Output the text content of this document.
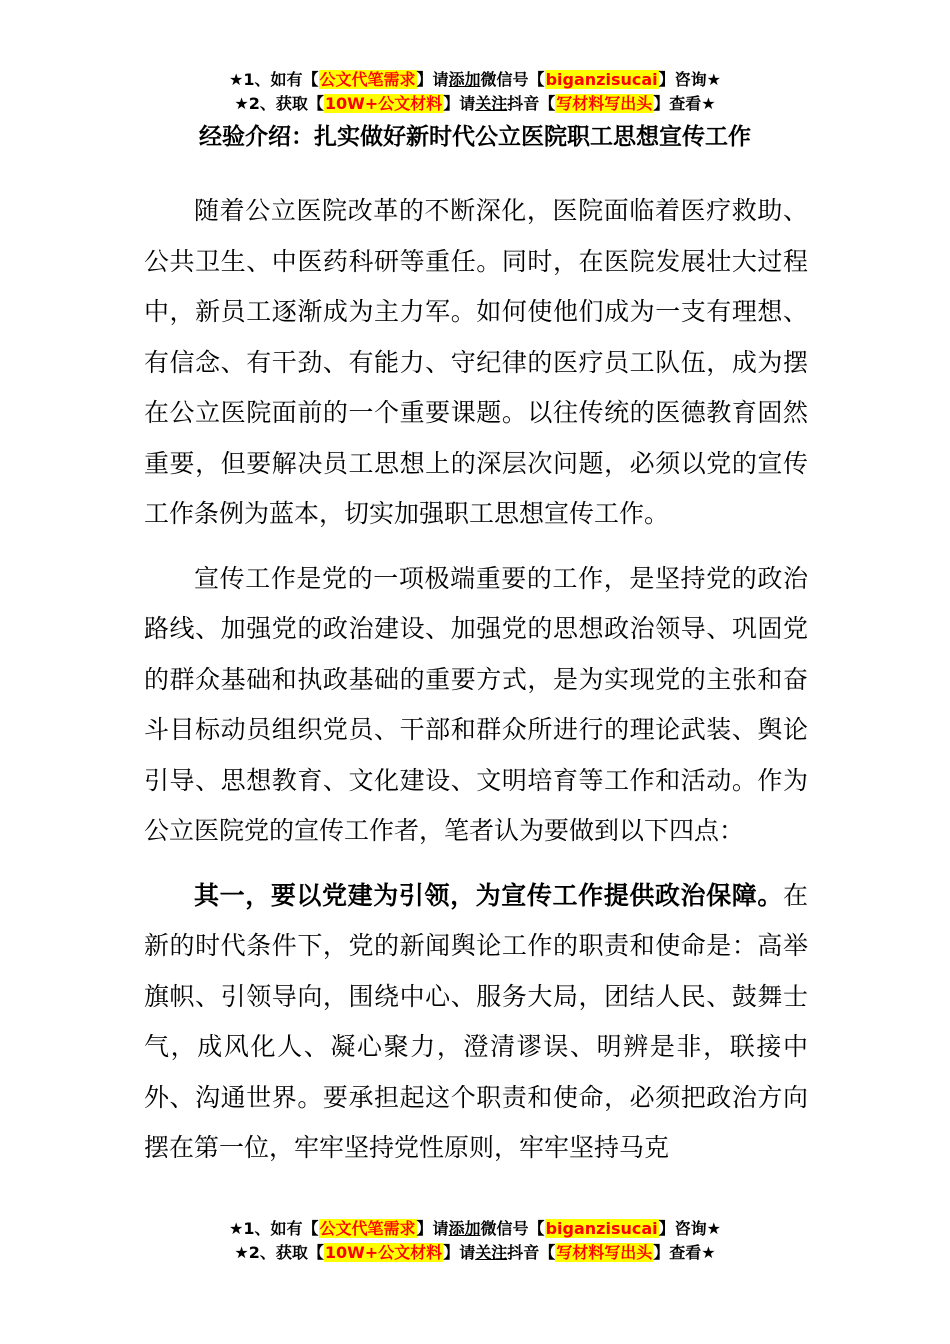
★1、如有【公文代笔需求】请添加微信号【biganzisucai】咨询★
★2、获取【10W+公文材料】请关注抖音【写材料写出头】查看★
经验介绍：扎实做好新时代公立医院职工思想宣传工作

随着公立医院改革的不断深化，医院面临着医疗救助、公共卫生、中医药科研等重任。同时，在医院发展壮大过程中，新员工逐渐成为主力军。如何使他们成为一支有理想、有信念、有干劲、有能力、守纪律的医疗员工队伍，成为摆在公立医院面前的一个重要课题。以往传统的医德教育固然重要，但要解决员工思想上的深层次问题，必须以党的宣传工作条例为蓝本，切实加强职工思想宣传工作。

宣传工作是党的一项极端重要的工作，是坚持党的政治路线、加强党的政治建设、加强党的思想政治领导、巩固党的群众基础和执政基础的重要方式，是为实现党的主张和奋斗目标动员组织党员、干部和群众所进行的理论武装、舆论引导、思想教育、文化建设、文明培育等工作和活动。作为公立医院党的宣传工作者，笔者认为要做到以下四点：

其一，要以党建为引领，为宣传工作提供政治保障。在新的时代条件下，党的新闻舆论工作的职责和使命是：高举旗帜、引领导向，围绕中心、服务大局，团结人民、鼓舞士气，成风化人、凝心聚力，澄清谬误、明辨是非，联接中外、沟通世界。要承担起这个职责和使命，必须把政治方向摆在第一位，牢牢坚持党性原则，牢牢坚持马克

★1、如有【公文代笔需求】请添加微信号【biganzisucai】咨询★
★2、获取【10W+公文材料】请关注抖音【写材料写出头】查看★
